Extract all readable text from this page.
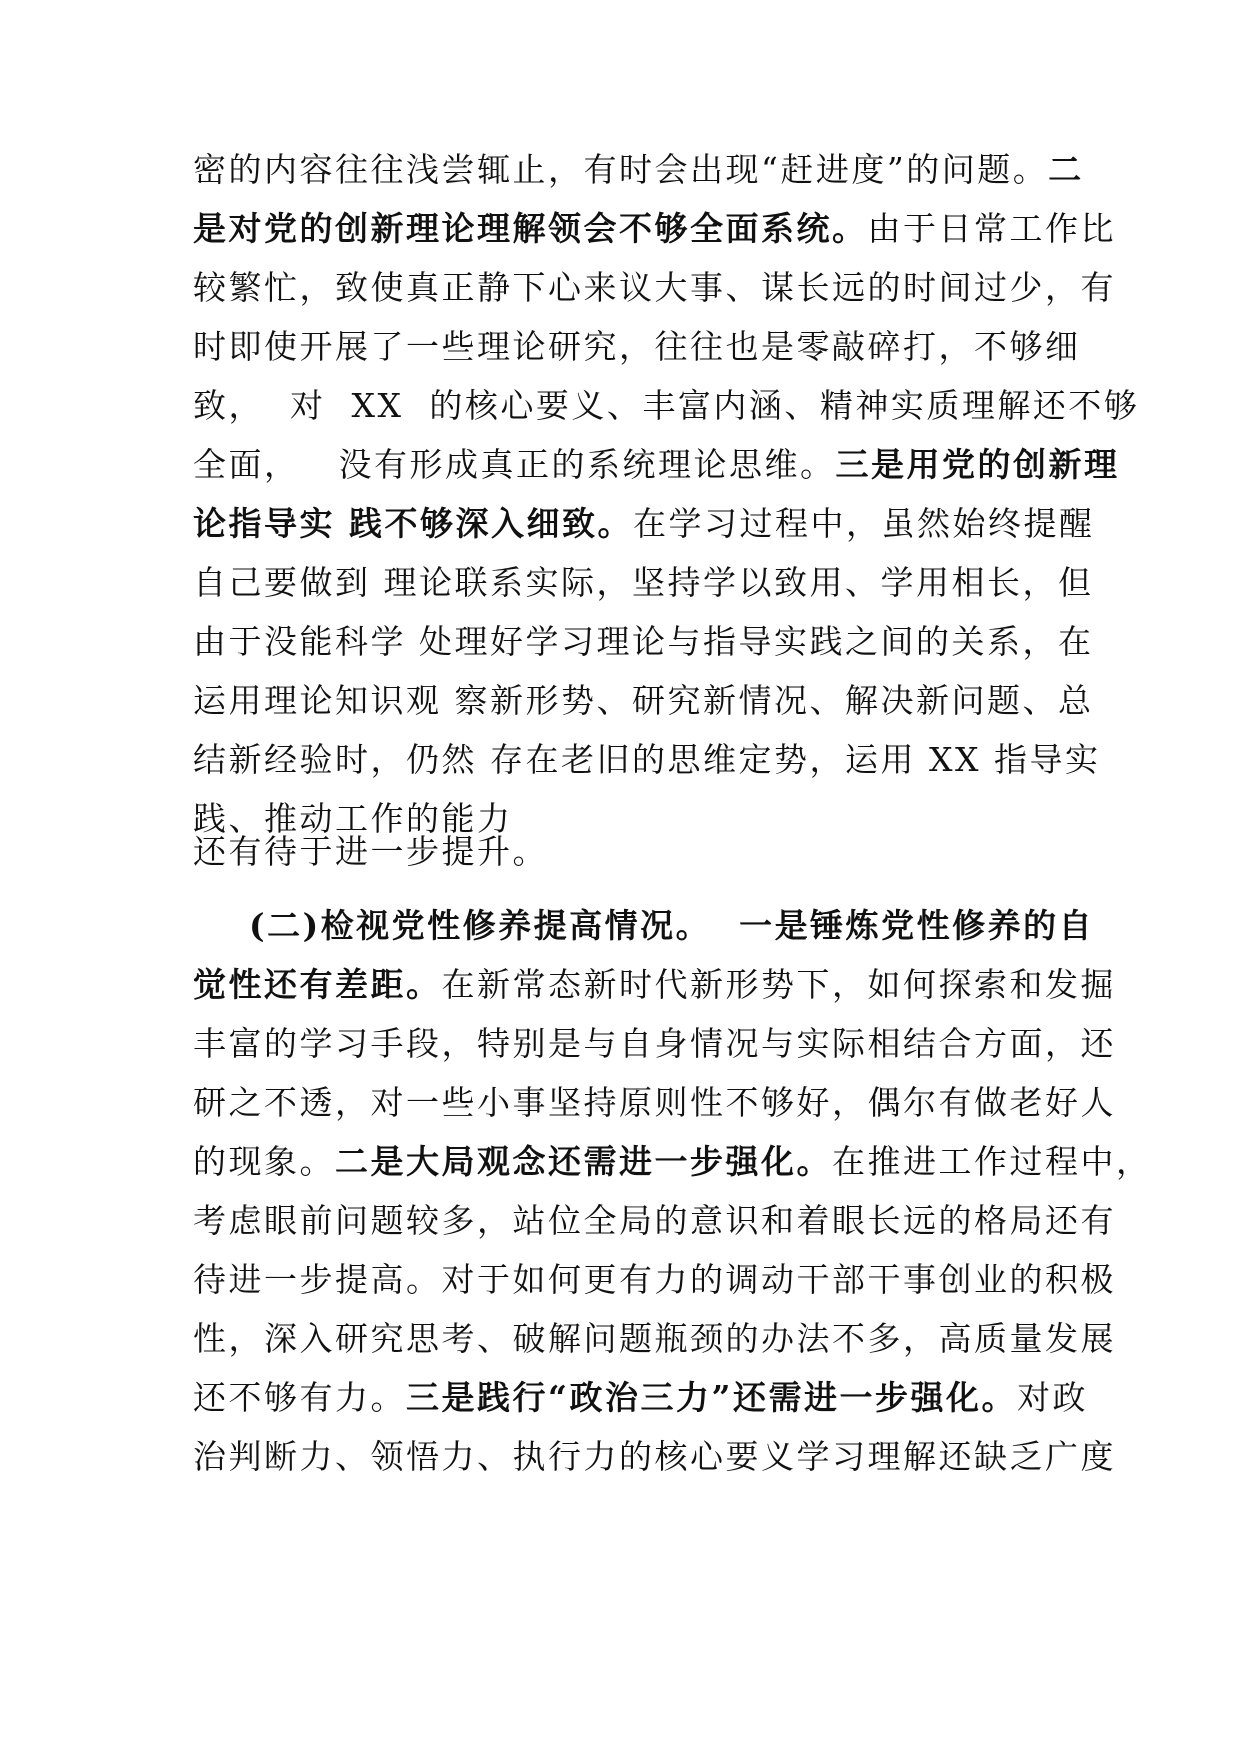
密的内容往往浅尝辄止，有时会出现“赶进度”的问题。二

是对党的创新理论理解领会不够全面系统。由于日常工作比

较繁忙，致使真正静下心来议大事、谋长远的时间过少，有

时即使开展了一些理论研究，往往也是零敲碎打，不够细

致，  对  XX  的核心要义、丰富内涵、精神实质理解还不够

全面，   没有形成真正的系统理论思维。三是用党的创新理

论指导实 践不够深入细致。在学习过程中，虽然始终提醒

自己要做到 理论联系实际，坚持学以致用、学用相长，但

由于没能科学 处理好学习理论与指导实践之间的关系，在

运用理论知识观 察新形势、研究新情况、解决新问题、总

结新经验时，仍然 存在老旧的思维定势，运用 XX 指导实

践、推动工作的能力

还有待于进一步提升。

(二)检视党性修养提高情况。  一是锤炼党性修养的自

觉性还有差距。在新常态新时代新形势下，如何探索和发掘

丰富的学习手段，特别是与自身情况与实际相结合方面，还

研之不透，对一些小事坚持原则性不够好，偶尔有做老好人

的现象。二是大局观念还需进一步强化。在推进工作过程中，

考虑眼前问题较多，站位全局的意识和着眼长远的格局还有

待进一步提高。对于如何更有力的调动干部干事创业的积极

性，深入研究思考、破解问题瓶颈的办法不多，高质量发展

还不够有力。三是践行“政治三力”还需进一步强化。对政

治判断力、领悟力、执行力的核心要义学习理解还缺乏广度
